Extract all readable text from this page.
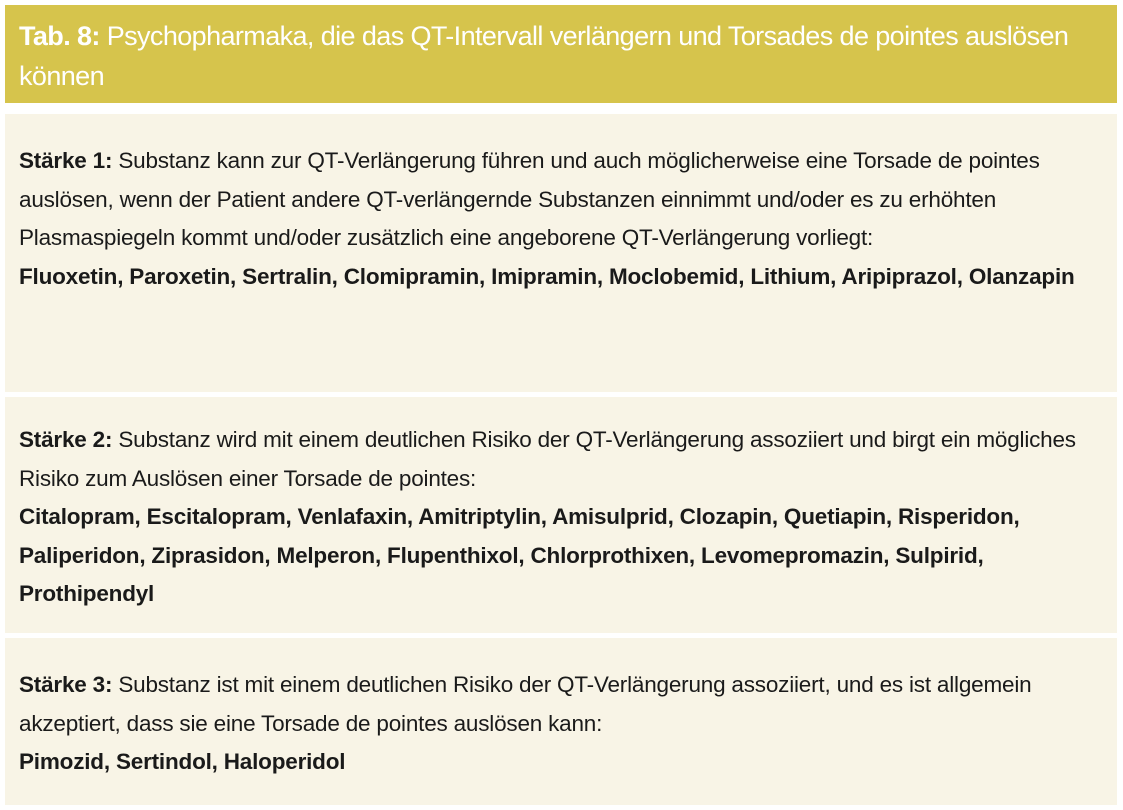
Tab. 8: Psychopharmaka, die das QT-Intervall verlängern und Torsades de pointes auslösen können

Stärke 1: Substanz kann zur QT-Verlängerung führen und auch möglicherweise eine Torsade de pointes auslösen, wenn der Patient andere QT-verlängernde Substanzen einnimmt und/oder es zu erhöhten Plasmaspiegeln kommt und/oder zusätzlich eine angeborene QT-Verlängerung vorliegt:

Fluoxetin, Paroxetin, Sertralin, Clomipramin, Imipramin, Moclobemid, Lithium, Aripiprazol, Olanzapin

Stärke 2: Substanz wird mit einem deutlichen Risiko der QT-Verlängerung assoziiert und birgt ein mögliches Risiko zum Auslösen einer Torsade de pointes:

Citalopram, Escitalopram, Venlafaxin, Amitriptylin, Amisulprid, Clozapin, Quetiapin, Risperidon, Paliperidon, Ziprasidon, Melperon, Flupenthixol, Chlorprothixen, Levomepromazin, Sulpirid, Prothipendyl

Stärke 3: Substanz ist mit einem deutlichen Risiko der QT-Verlängerung assoziiert, und es ist allgemein akzeptiert, dass sie eine Torsade de pointes auslösen kann:

Pimozid, Sertindol, Haloperidol
